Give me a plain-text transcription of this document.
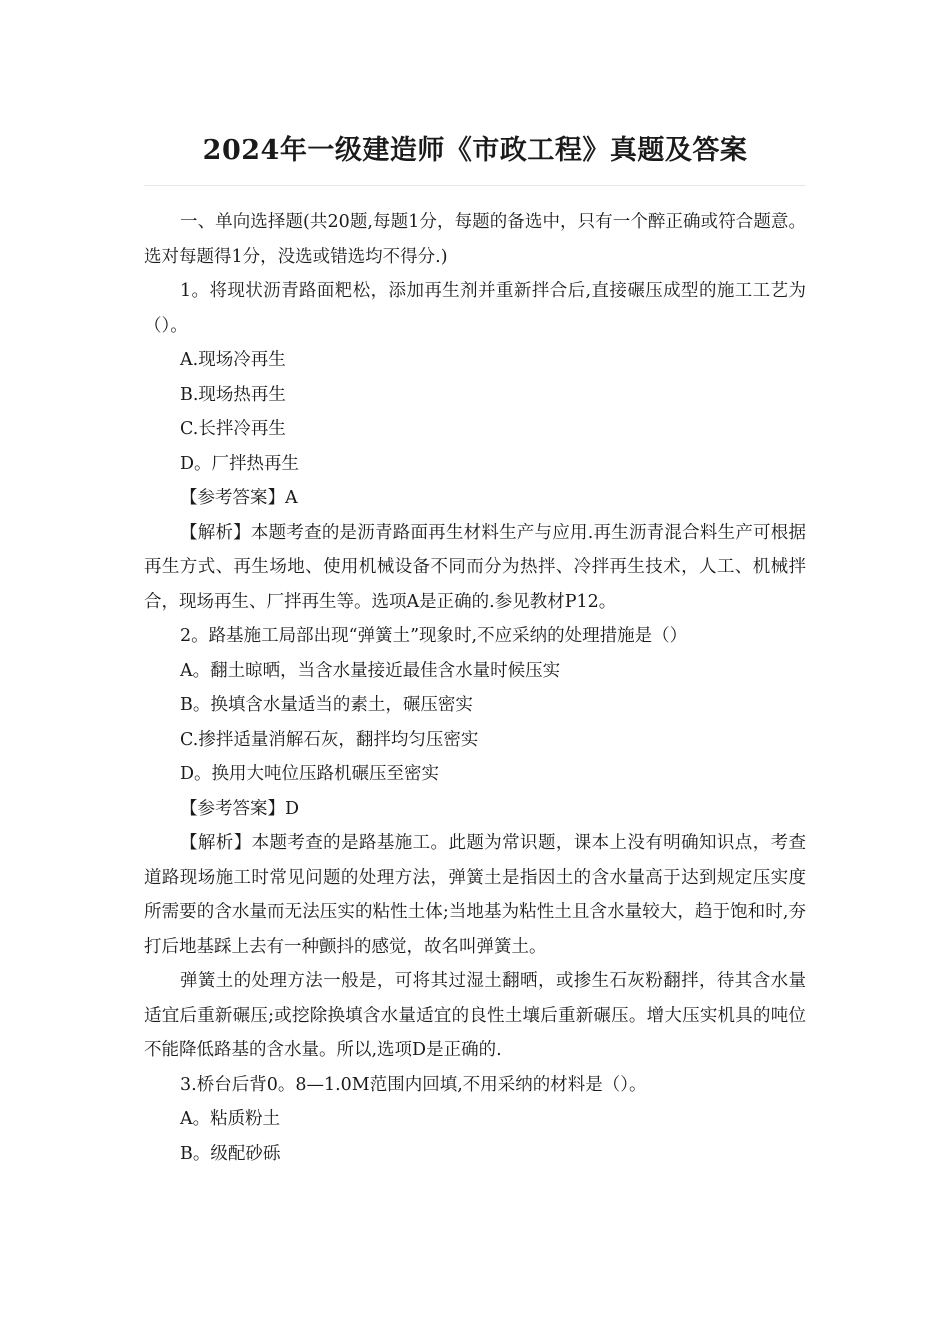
2024年一级建造师《市政工程》真题及答案

一、单向选择题(共20题,每题1分，每题的备选中，只有一个醉正确或符合题意。选对每题得1分，没选或错选均不得分.)

1。将现状沥青路面粑松，添加再生剂并重新拌合后,直接碾压成型的施工工艺为（）。

A.现场冷再生

B.现场热再生

C.长拌冷再生

D。厂拌热再生

【参考答案】A

【解析】本题考查的是沥青路面再生材料生产与应用.再生沥青混合料生产可根据再生方式、再生场地、使用机械设备不同而分为热拌、冷拌再生技术，人工、机械拌合，现场再生、厂拌再生等。选项A是正确的.参见教材P12。

2。路基施工局部出现“弹簧土”现象时,不应采纳的处理措施是（）

A。翻土晾晒，当含水量接近最佳含水量时候压实

B。换填含水量适当的素土，碾压密实

C.掺拌适量消解石灰，翻拌均匀压密实

D。换用大吨位压路机碾压至密实

【参考答案】D

【解析】本题考查的是路基施工。此题为常识题，课本上没有明确知识点，考查道路现场施工时常见问题的处理方法，弹簧土是指因土的含水量高于达到规定压实度所需要的含水量而无法压实的粘性土体;当地基为粘性土且含水量较大，趋于饱和时,夯打后地基踩上去有一种颤抖的感觉，故名叫弹簧土。

弹簧土的处理方法一般是，可将其过湿土翻晒，或掺生石灰粉翻拌，待其含水量适宜后重新碾压;或挖除换填含水量适宜的良性土壤后重新碾压。增大压实机具的吨位不能降低路基的含水量。所以,选项D是正确的.

3.桥台后背0。8—1.0M范围内回填,不用采纳的材料是（）。

A。粘质粉土

B。级配砂砾
